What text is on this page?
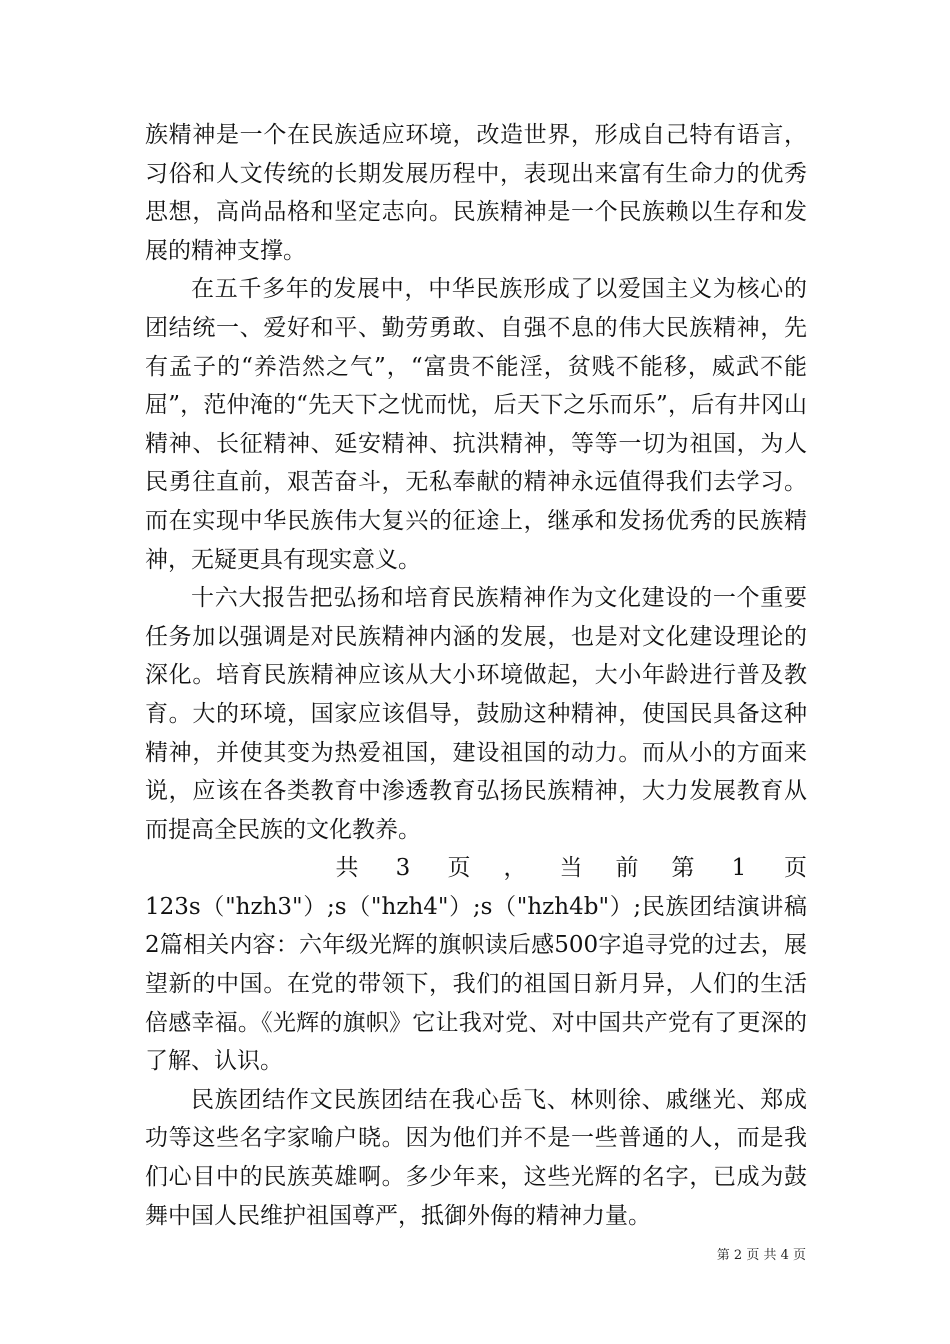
族精神是一个在民族适应环境，改造世界，形成自己特有语言，习俗和人文传统的长期发展历程中，表现出来富有生命力的优秀思想，高尚品格和坚定志向。民族精神是一个民族赖以生存和发展的精神支撑。

在五千多年的发展中，中华民族形成了以爱国主义为核心的团结统一、爱好和平、勤劳勇敢、自强不息的伟大民族精神，先有孟子的“养浩然之气”，“富贵不能淫，贫贱不能移，威武不能屈”，范仲淹的“先天下之忧而忧，后天下之乐而乐”，后有井冈山精神、长征精神、延安精神、抗洪精神，等等一切为祖国，为人民勇往直前，艰苦奋斗，无私奉献的精神永远值得我们去学习。而在实现中华民族伟大复兴的征途上，继承和发扬优秀的民族精神，无疑更具有现实意义。

十六大报告把弘扬和培育民族精神作为文化建设的一个重要任务加以强调是对民族精神内涵的发展，也是对文化建设理论的深化。培育民族精神应该从大小环境做起，大小年龄进行普及教育。大的环境，国家应该倡导，鼓励这种精神，使国民具备这种精神，并使其变为热爱祖国，建设祖国的动力。而从小的方面来说，应该在各类教育中渗透教育弘扬民族精神，大力发展教育从而提高全民族的文化教养。

共	3	页	，	当	前	第	1	页

123s（"hzh3"）;s（"hzh4"）;s（"hzh4b"）;民族团结演讲稿2篇相关内容：六年级光辉的旗帜读后感500字追寻党的过去，展望新的中国。在党的带领下，我们的祖国日新月异，人们的生活倍感幸福。《光辉的旗帜》它让我对党、对中国共产党有了更深的了解、认识。

民族团结作文民族团结在我心岳飞、林则徐、戚继光、郑成功等这些名字家喻户晓。因为他们并不是一些普通的人，而是我们心目中的民族英雄啊。多少年来，这些光辉的名字，已成为鼓舞中国人民维护祖国尊严，抵御外侮的精神力量。

第 2 页 共 4 页
